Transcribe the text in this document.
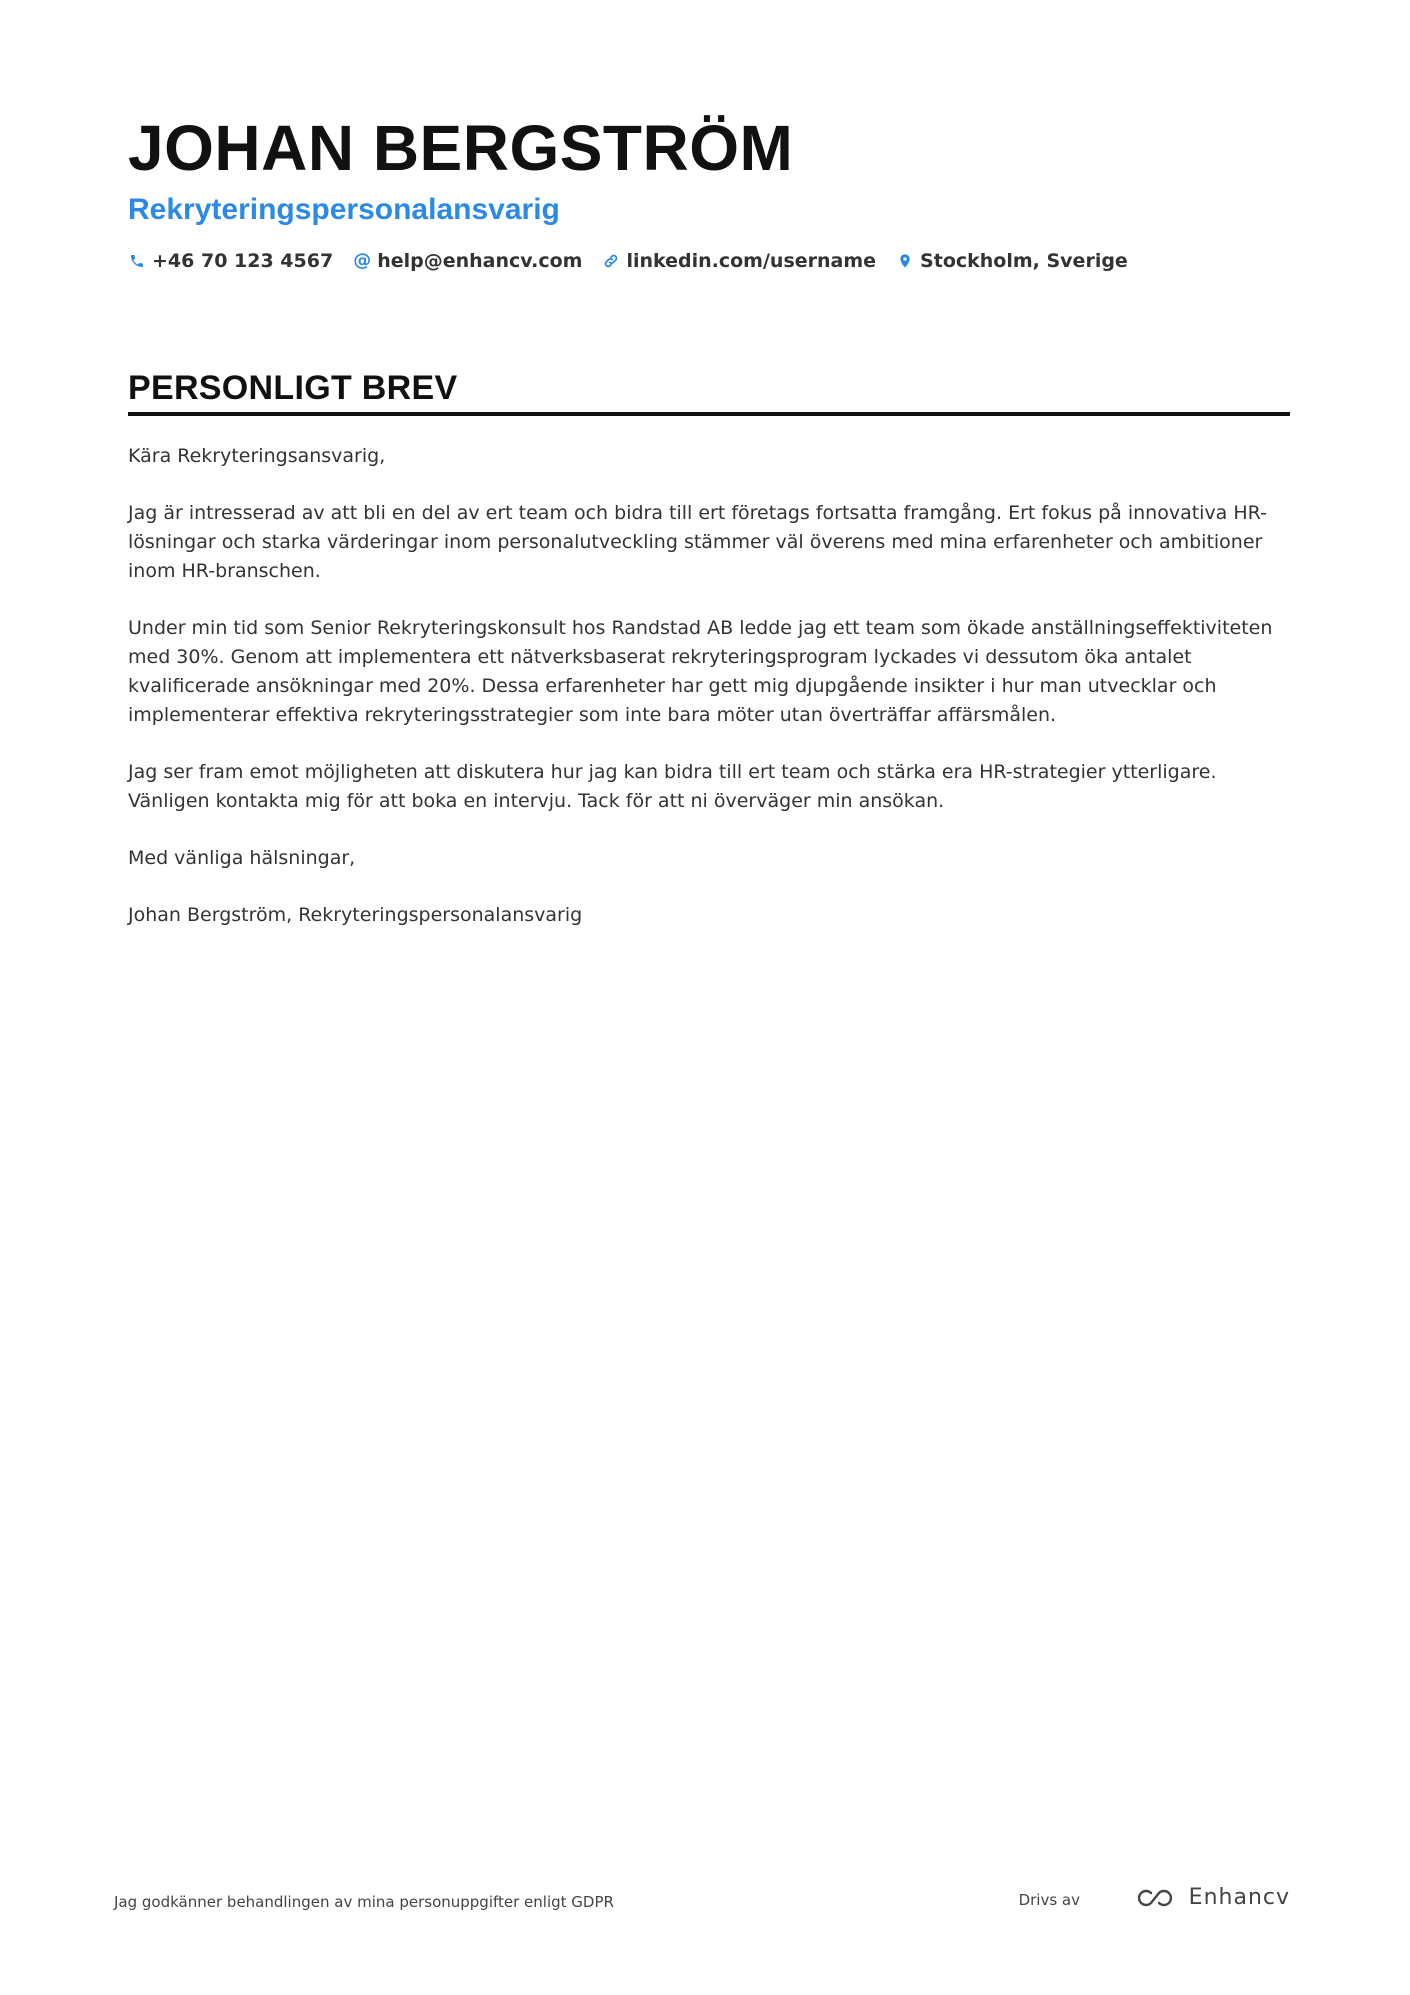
JOHAN BERGSTRÖM
Rekryteringspersonalansvarig
+46 70 123 4567 @ help@enhancv.com linkedin.com/username Stockholm, Sverige
PERSONLIGT BREV

Kära Rekryteringsansvarig,

Jag är intresserad av att bli en del av ert team och bidra till ert företags fortsatta framgång. Ert fokus på innovativa HR-lösningar och starka värderingar inom personalutveckling stämmer väl överens med mina erfarenheter och ambitioner inom HR-branschen.

Under min tid som Senior Rekryteringskonsult hos Randstad AB ledde jag ett team som ökade anställningseffektiviteten med 30%. Genom att implementera ett nätverksbaserat rekryteringsprogram lyckades vi dessutom öka antalet kvalificerade ansökningar med 20%. Dessa erfarenheter har gett mig djupgående insikter i hur man utvecklar och implementerar effektiva rekryteringsstrategier som inte bara möter utan överträffar affärsmålen.

Jag ser fram emot möjligheten att diskutera hur jag kan bidra till ert team och stärka era HR-strategier ytterligare. Vänligen kontakta mig för att boka en intervju. Tack för att ni överväger min ansökan.

Med vänliga hälsningar,

Johan Bergström, Rekryteringspersonalansvarig

Jag godkänner behandlingen av mina personuppgifter enligt GDPR	Drivs av	Enhancv
